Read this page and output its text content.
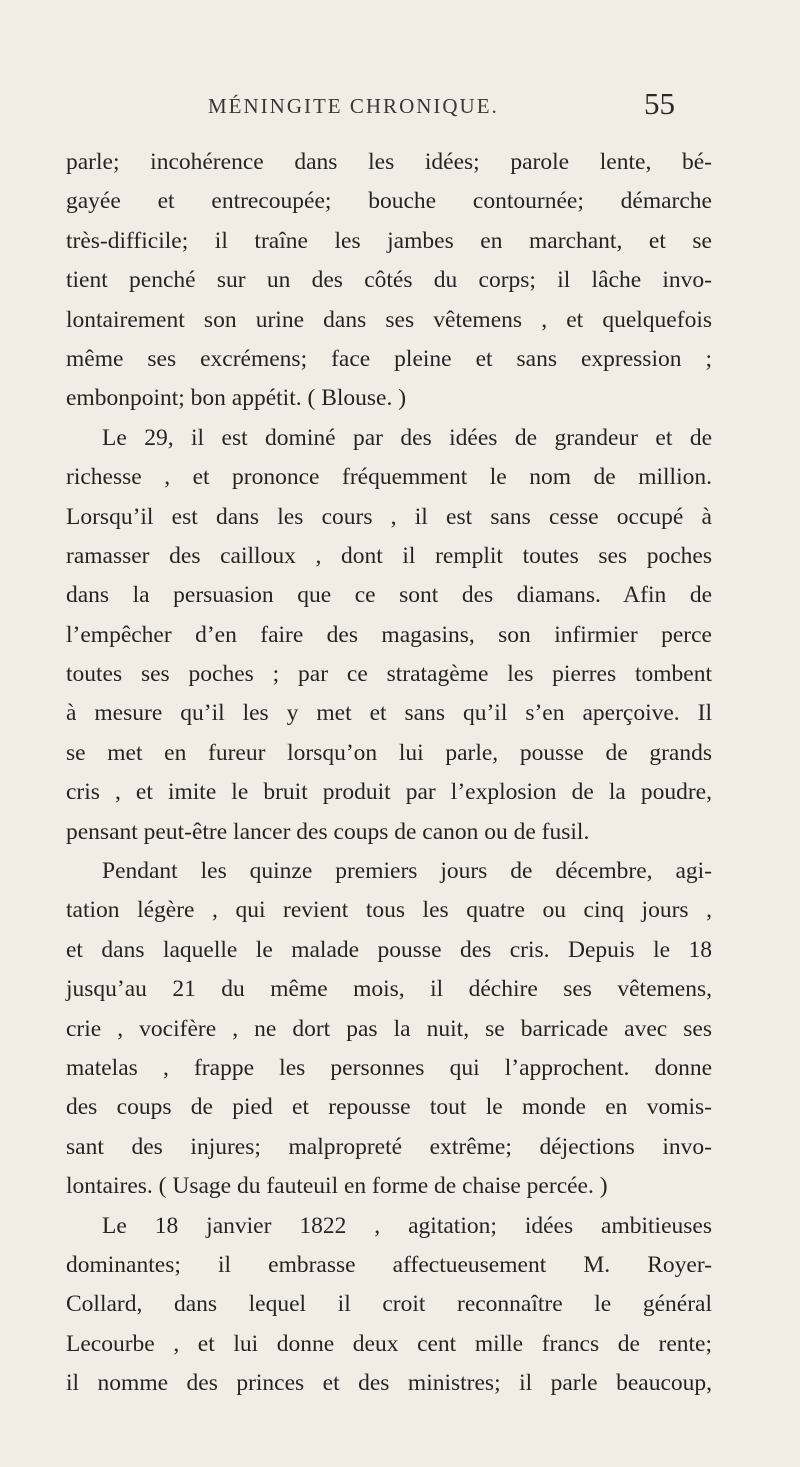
MÉNINGITE CHRONIQUE.	55
parle; incohérence dans les idées; parole lente, bé-
gayée et entrecoupée; bouche contournée; démarche
très-difficile; il traîne les jambes en marchant, et se
tient penché sur un des côtés du corps; il lâche invo-
lontairement son urine dans ses vêtemens , et quelquefois
même ses excrémens; face pleine et sans expression ;
embonpoint; bon appétit. ( Blouse. )
Le 29, il est dominé par des idées de grandeur et de
richesse , et prononce fréquemment le nom de million.
Lorsqu’il est dans les cours , il est sans cesse occupé à
ramasser des cailloux , dont il remplit toutes ses poches
dans la persuasion que ce sont des diamans. Afin de
l’empêcher d’en faire des magasins, son infirmier perce
toutes ses poches ; par ce stratagème les pierres tombent
à mesure qu’il les y met et sans qu’il s’en aperçoive. Il
se met en fureur lorsqu’on lui parle, pousse de grands
cris , et imite le bruit produit par l’explosion de la poudre,
pensant peut-être lancer des coups de canon ou de fusil.
Pendant les quinze premiers jours de décembre, agi-
tation légère , qui revient tous les quatre ou cinq jours ,
et dans laquelle le malade pousse des cris. Depuis le 18
jusqu’au 21 du même mois, il déchire ses vêtemens,
crie , vocifère , ne dort pas la nuit, se barricade avec ses
matelas , frappe les personnes qui l’approchent. donne
des coups de pied et repousse tout le monde en vomis-
sant des injures; malpropreté extrême; déjections invo-
lontaires. ( Usage du fauteuil en forme de chaise percée. )
Le 18 janvier 1822 , agitation; idées ambitieuses
dominantes; il embrasse affectueusement M. Royer-
Collard, dans lequel il croit reconnaître le général
Lecourbe , et lui donne deux cent mille francs de rente;
il nomme des princes et des ministres; il parle beaucoup,
